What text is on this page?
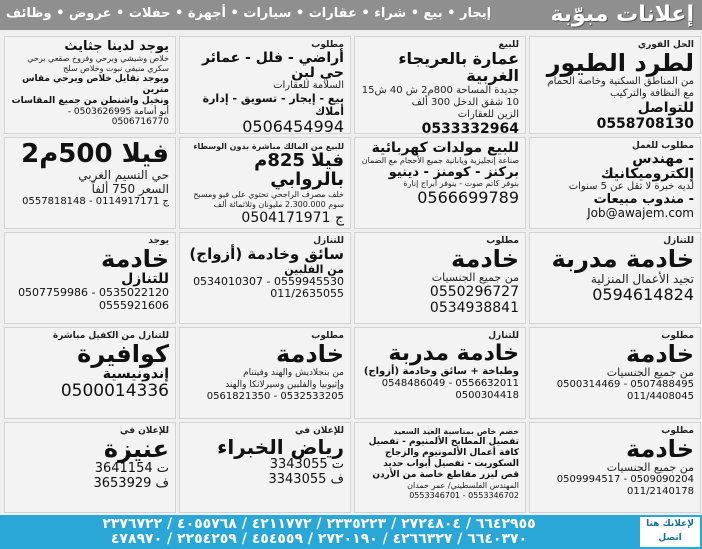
إعلانات مبوّبة
إيجار • بيع • شراء • عقارات • سيارات • أجهزة • حفلات • عروض • وظائف
الحل الفوري
لطرد الطيور
من المناطق السكنية وخاصة الحمام
مع النظافة والتركيب
للتواصل 0558708130
للبيع
عمارة بالعريجاء الغربية
جديدة المساحة 800م2 ش 40 ش15
10 شقق الدخل 300 ألف
الزين للعقارات
0533332964
مطلوب
أراضي - فلل - عمائر حي لبن
السلامة للعقارات
بيع - إيجار - تسويق - إدارة أملاك
0506454994
يوجد لدينا جثايث
خلاص وشيشي وبرحي وفروخ صقعي برحي
سكري منيفي نبوت وخلاص سلج
ويوجد نقايل خلاص وبرحي مقاس مترين
ونخيل واشنطن من جميع المقاسات
أبو أسامة 0503626995 - 0506716770
مطلوب للعمل
- مهندس إلكتروميكانيك
لديه خبرة لا تقل عن 5 سنوات
- مندوب مبيعات
Job@awajem.com
للبيع مولدات كهربائية
صناعة إنجليزية ويابانية جميع الأحجام مع الضمان
بركنز - كومنز - دينيو
بنوفر كاتم صوت - بنوفر أبراج إنارة
0566699789
للبيع من المالك مباشرة بدون الوسطاء
فيلا 825م بالروابي
خلف مصرف الراجحي تحتوي على فيو ومسبح
سوم 2.300.000 مليونان وثلاثمائة ألف
ج 0504171971
فيلا 500م2
حي النسيم الغربي
السعر 750 ألفاً
ج 0114917171 - 0557818148
للتنازل
خادمة مدربة
تجيد الأعمال المنزلية
0594614824
مطلوب
خادمة
من جميع الجنسيات
0550296727
0534938841
للتنازل
سائق وخادمة (أزواج)
من الفلبين
0534010307 - 0559945530
011/2635055
يوجد
خادمة
للتنازل
0507759986 - 0535022120
0555921606
مطلوب
خادمة
من جميع الجنسيات
0500314469 - 0507488495
011/4408045
للتنازل
خادمة مدربة
وطباخة + سائق وخادمة (أزواج)
0548486049 - 0556632011
0500304418
مطلوب
خادمة
من بنجلاديش والهند وفيتنام
وإثيوبيا والفلبين وسيرلانكا والهند
0561821350 - 0532533205
للتنازل من الكفيل مباشرة
كوافيرة
إندونيسية
0500014336
مطلوب
خادمة
من جميع الجنسيات
0509994517 - 0509090204
011/2140178
خصم خاص بمناسبة العيد السعيد
تفصيل المطابخ الألمنيوم - تفصيل
كافة أعمال الألمونيوم والزجاج
السكوريت - تفصيل أبواب حديد
قص ليزر مقاطع خاصة من الأردن
المهندس الفلسطيني/ عمر حمدان
0553346701 - 0553346702
للإعلان في
رياض الخبراء
ت 3343055
ف 3343055
للإعلان في
عنيزة
ت 3641154
ف 3653929
٦٦٤٢٩٥٥ / ٢٧٢٤٨٠٤ / ٢٣٣٥٢٢٣ / ٤٢١١٧٧٢ / ٤٠٥٥٧٦٨ / ٢٣٧٦٧٢٢
٦٦٤٠٣٧٠ / ٤٢٦٦٣٢٧ / ٢٧٢٠١٩٠ / ٤٥٤٥٥٩ / ٢٢٥٤٢٥٩ / ٤٧٨٩٧٠
لإعلانك هنا
اتصل
